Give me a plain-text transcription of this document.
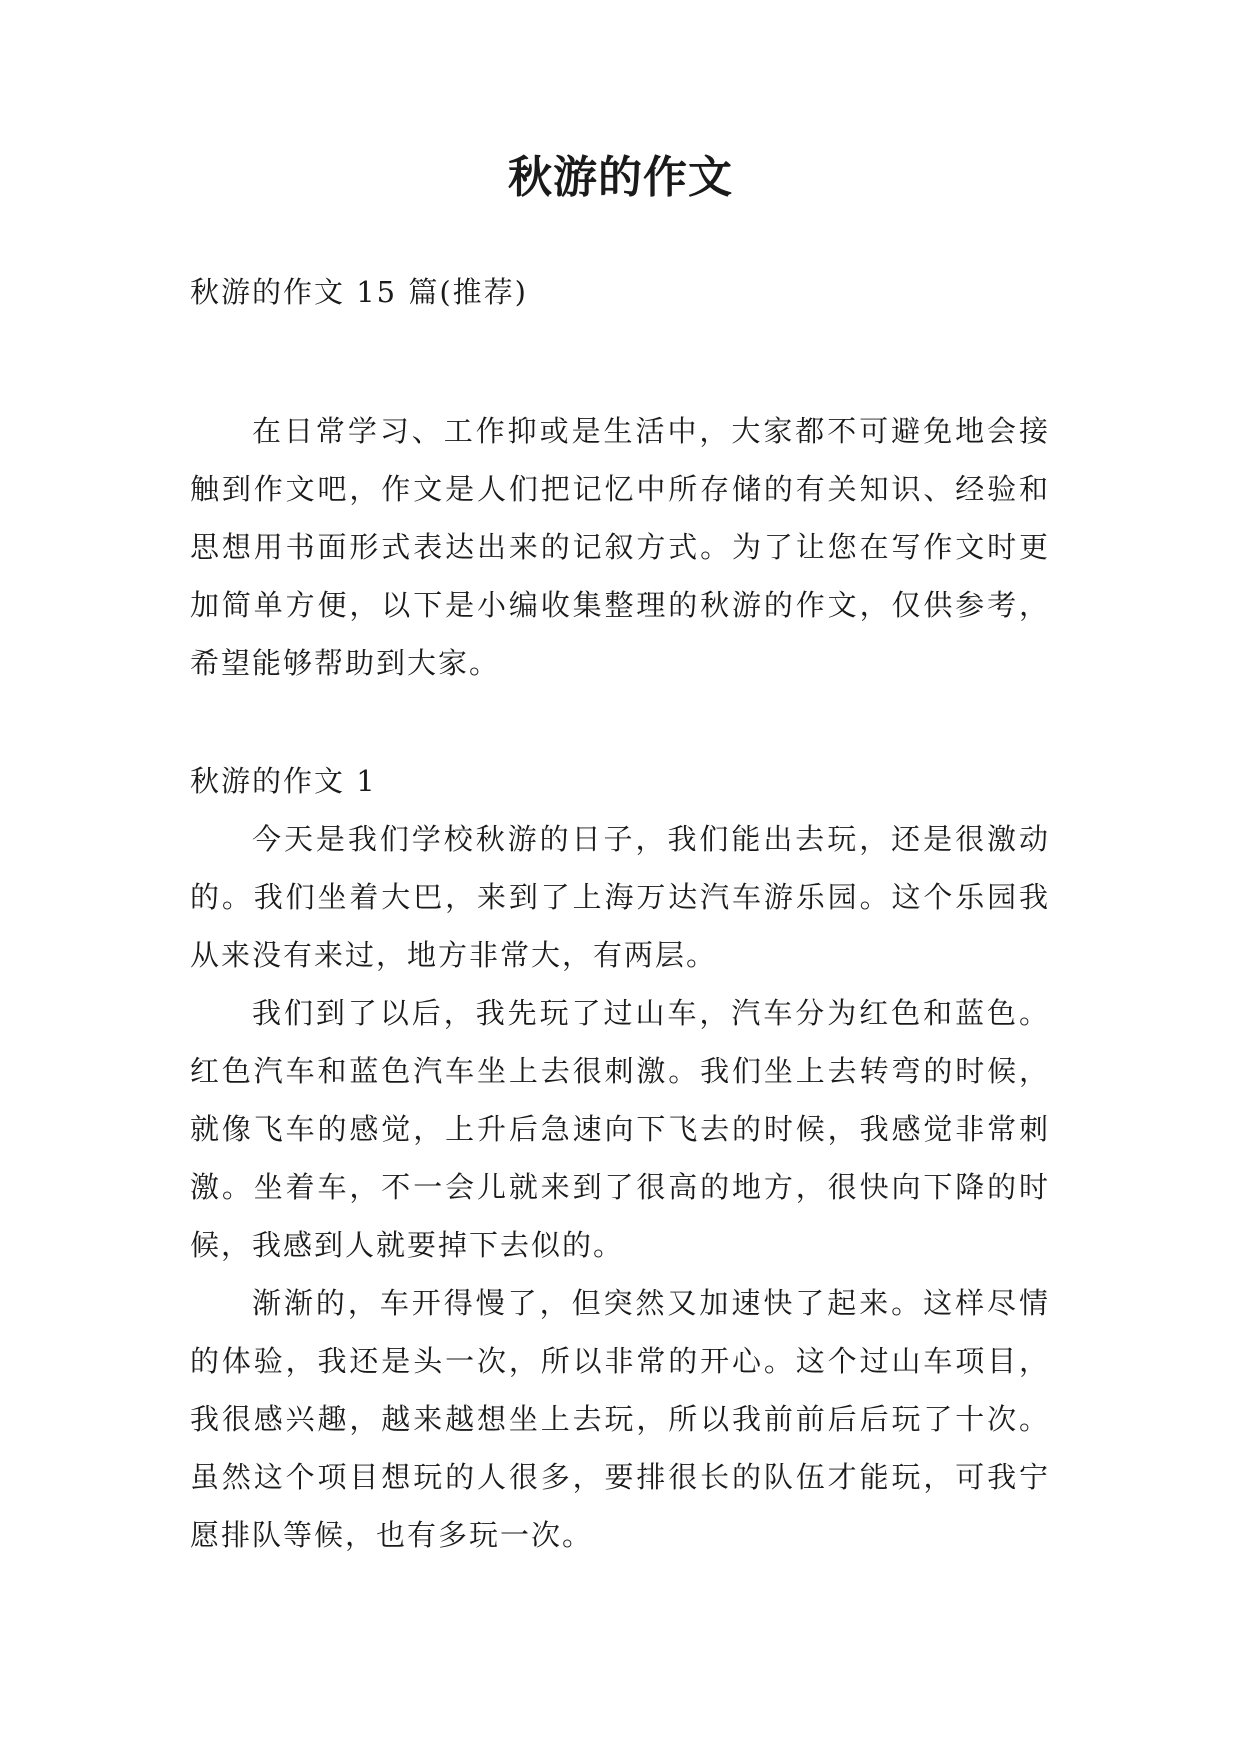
秋游的作文

秋游的作文 15 篇(推荐)

在日常学习、工作抑或是生活中，大家都不可避免地会接触到作文吧，作文是人们把记忆中所存储的有关知识、经验和思想用书面形式表达出来的记叙方式。为了让您在写作文时更加简单方便，以下是小编收集整理的秋游的作文，仅供参考，希望能够帮助到大家。

秋游的作文 1

今天是我们学校秋游的日子，我们能出去玩，还是很激动的。我们坐着大巴，来到了上海万达汽车游乐园。这个乐园我从来没有来过，地方非常大，有两层。

我们到了以后，我先玩了过山车，汽车分为红色和蓝色。红色汽车和蓝色汽车坐上去很刺激。我们坐上去转弯的时候，就像飞车的感觉，上升后急速向下飞去的时候，我感觉非常刺激。坐着车，不一会儿就来到了很高的地方，很快向下降的时候，我感到人就要掉下去似的。

渐渐的，车开得慢了，但突然又加速快了起来。这样尽情的体验，我还是头一次，所以非常的开心。这个过山车项目，我很感兴趣，越来越想坐上去玩，所以我前前后后玩了十次。虽然这个项目想玩的人很多，要排很长的队伍才能玩，可我宁愿排队等候，也有多玩一次。
